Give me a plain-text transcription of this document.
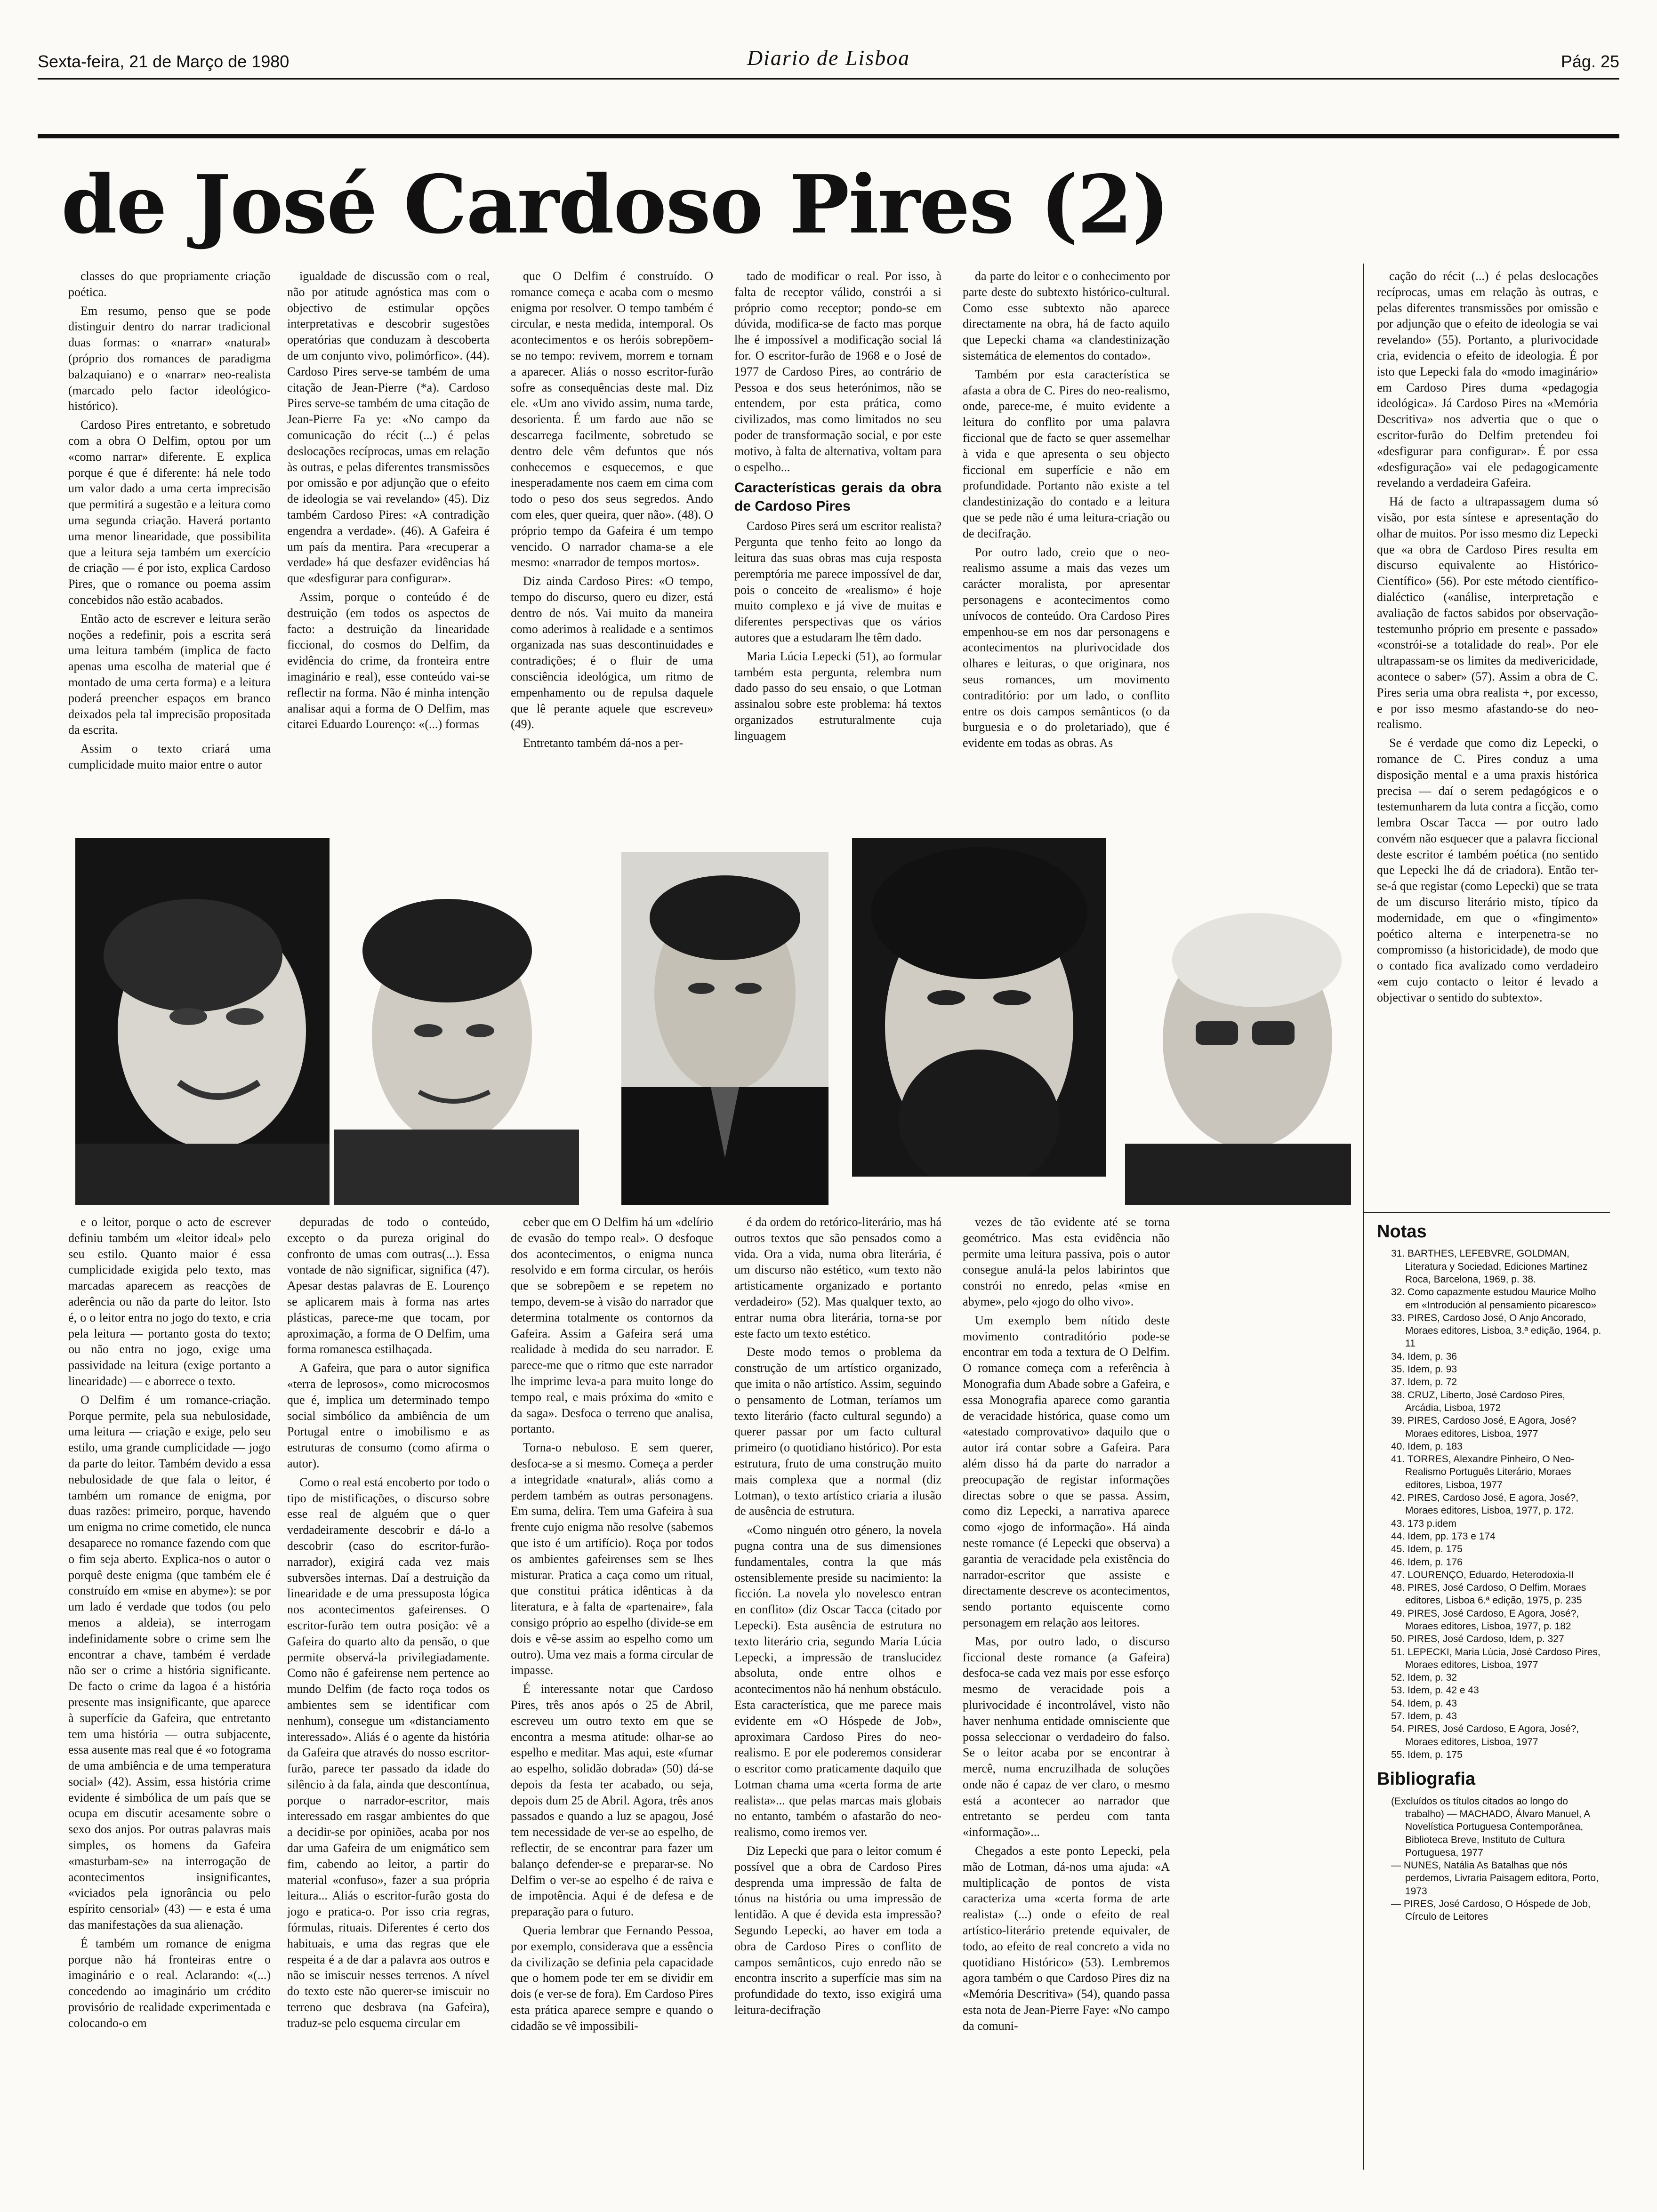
Sexta-feira, 21 de Março de 1980	Diario de Lisboa	Pág. 25
de José Cardoso Pires (2)

classes do que propriamente criação poética.

Em resumo, penso que se pode distinguir dentro do narrar tradicional duas formas: o «narrar» «natural» (próprio dos romances de paradigma balzaquiano) e o «narrar» neo-realista (marcado pelo factor ideológico-histórico).

Cardoso Pires entretanto, e sobretudo com a obra O Delfim, optou por um «como narrar» diferente. E explica porque é que é diferente: há nele todo um valor dado a uma certa imprecisão que permitirá a sugestão e a leitura como uma segunda criação. Haverá portanto uma menor linearidade, que possibilita que a leitura seja também um exercício de criação — é por isto, explica Cardoso Pires, que o romance ou poema assim concebidos não estão acabados.

Então acto de escrever e leitura serão noções a redefinir, pois a escrita será uma leitura também (implica de facto apenas uma escolha de material que é montado de uma certa forma) e a leitura poderá preencher espaços em branco deixados pela tal imprecisão propositada da escrita.

Assim o texto criará uma cumplicidade muito maior entre o autor

igualdade de discussão com o real, não por atitude agnóstica mas com o objectivo de estimular opções interpretativas e descobrir sugestões operatórias que conduzam à descoberta de um conjunto vivo, polimórfico». (44). Cardoso Pires serve-se também de uma citação de Jean-Pierre (*a). Cardoso Pires serve-se também de uma citação de Jean-Pierre Fa ye: «No campo da comunicação do récit (...) é pelas deslocações recíprocas, umas em relação às outras, e pelas diferentes transmissões por omissão e por adjunção que o efeito de ideologia se vai revelando» (45). Diz também Cardoso Pires: «A contradição engendra a verdade». (46). A Gafeira é um país da mentira. Para «recuperar a verdade» há que desfazer evidências há que «desfigurar para configurar».

Assim, porque o conteúdo é de destruição (em todos os aspectos de facto: a destruição da linearidade ficcional, do cosmos do Delfim, da evidência do crime, da fronteira entre imaginário e real), esse conteúdo vai-se reflectir na forma. Não é minha intenção analisar aqui a forma de O Delfim, mas citarei Eduardo Lourenço: «(...) formas

que O Delfim é construído. O romance começa e acaba com o mesmo enigma por resolver. O tempo também é circular, e nesta medida, intemporal. Os acontecimentos e os heróis sobrepõem-se no tempo: revivem, morrem e tornam a aparecer. Aliás o nosso escritor-furão sofre as consequências deste mal. Diz ele. «Um ano vivido assim, numa tarde, desorienta. É um fardo aue não se descarrega facilmente, sobretudo se dentro dele vêm defuntos que nós conhecemos e esquecemos, e que inesperadamente nos caem em cima com todo o peso dos seus segredos. Ando com eles, quer queira, quer não». (48). O próprio tempo da Gafeira é um tempo vencido. O narrador chama-se a ele mesmo: «narrador de tempos mortos».

Diz ainda Cardoso Pires: «O tempo, tempo do discurso, quero eu dizer, está dentro de nós. Vai muito da maneira como aderimos à realidade e a sentimos organizada nas suas descontinuidades e contradições; é o fluir de uma consciência ideológica, um ritmo de empenhamento ou de repulsa daquele que lê perante aquele que escreveu» (49).

Entretanto também dá-nos a per-

tado de modificar o real. Por isso, à falta de receptor válido, constrói a si próprio como receptor; pondo-se em dúvida, modifica-se de facto mas porque lhe é impossível a modificação social lá for. O escritor-furão de 1968 e o José de 1977 de Cardoso Pires, ao contrário de Pessoa e dos seus heterónimos, não se entendem, por esta prática, como civilizados, mas como limitados no seu poder de transformação social, e por este motivo, à falta de alternativa, voltam para o espelho...

Características gerais da obra de Cardoso Pires

Cardoso Pires será um escritor realista? Pergunta que tenho feito ao longo da leitura das suas obras mas cuja resposta peremptória me parece impossível de dar, pois o conceito de «realismo» é hoje muito complexo e já vive de muitas e diferentes perspectivas que os vários autores que a estudaram lhe têm dado.

Maria Lúcia Lepecki (51), ao formular também esta pergunta, relembra num dado passo do seu ensaio, o que Lotman assinalou sobre este problema: há textos organizados estruturalmente cuja linguagem

da parte do leitor e o conhecimento por parte deste do subtexto histórico-cultural. Como esse subtexto não aparece directamente na obra, há de facto aquilo que Lepecki chama «a clandestinização sistemática de elementos do contado».

Também por esta característica se afasta a obra de C. Pires do neo-realismo, onde, parece-me, é muito evidente a leitura do conflito por uma palavra ficcional que de facto se quer assemelhar à vida e que apresenta o seu objecto ficcional em superfície e não em profundidade. Portanto não existe a tel clandestinização do contado e a leitura que se pede não é uma leitura-criação ou de decifração.

Por outro lado, creio que o neo-realismo assume a mais das vezes um carácter moralista, por apresentar personagens e acontecimentos como unívocos de conteúdo. Ora Cardoso Pires empenhou-se em nos dar personagens e acontecimentos na plurivocidade dos olhares e leituras, o que originara, nos seus romances, um movimento contraditório: por um lado, o conflito entre os dois campos semânticos (o da burguesia e o do proletariado), que é evidente em todas as obras. As

cação do récit (...) é pelas deslocações recíprocas, umas em relação às outras, e pelas diferentes transmissões por omissão e por adjunção que o efeito de ideologia se vai revelando» (55). Portanto, a plurivocidade cria, evidencia o efeito de ideologia. É por isto que Lepecki fala do «modo imaginário» em Cardoso Pires duma «pedagogia ideológica». Já Cardoso Pires na «Memória Descritiva» nos advertia que o que o escritor-furão do Delfim pretendeu foi «desfigurar para configurar». É por essa «desfiguração» vai ele pedagogicamente revelando a verdadeira Gafeira.

Há de facto a ultrapassagem duma só visão, por esta síntese e apresentação do olhar de muitos. Por isso mesmo diz Lepecki que «a obra de Cardoso Pires resulta em discurso equivalente ao Histórico-Científico» (56). Por este método científico-dialéctico («análise, interpretação e avaliação de factos sabidos por observação-testemunho próprio em presente e passado» «constrói-se a totalidade do real». Por ele ultrapassam-se os limites da medivericidade, acontece o saber» (57). Assim a obra de C. Pires seria uma obra realista +, por excesso, e por isso mesmo afastando-se do neo-realismo.

Se é verdade que como diz Lepecki, o romance de C. Pires conduz a uma disposição mental e a uma praxis histórica precisa — daí o serem pedagógicos e o testemunharem da luta contra a ficção, como lembra Oscar Tacca — por outro lado convém não esquecer que a palavra ficcional deste escritor é também poética (no sentido que Lepecki lhe dá de criadora). Então ter-se-á que registar (como Lepecki) que se trata de um discurso literário misto, típico da modernidade, em que o «fingimento» poético alterna e interpenetra-se no compromisso (a historicidade), de modo que o contado fica avalizado como verdadeiro «em cujo contacto o leitor é levado a objectivar o sentido do subtexto».

e o leitor, porque o acto de escrever definiu também um «leitor ideal» pelo seu estilo. Quanto maior é essa cumplicidade exigida pelo texto, mas marcadas aparecem as reacções de aderência ou não da parte do leitor. Isto é, o o leitor entra no jogo do texto, e cria pela leitura — portanto gosta do texto; ou não entra no jogo, exige uma passividade na leitura (exige portanto a linearidade) — e aborrece o texto.

O Delfim é um romance-criação. Porque permite, pela sua nebulosidade, uma leitura — criação e exige, pelo seu estilo, uma grande cumplicidade — jogo da parte do leitor. Também devido a essa nebulosidade de que fala o leitor, é também um romance de enigma, por duas razões: primeiro, porque, havendo um enigma no crime cometido, ele nunca desaparece no romance fazendo com que o fim seja aberto. Explica-nos o autor o porquê deste enigma (que também ele é construído em «mise en abyme»): se por um lado é verdade que todos (ou pelo menos a aldeia), se interrogam indefinidamente sobre o crime sem lhe encontrar a chave, também é verdade não ser o crime a história significante. De facto o crime da lagoa é a história presente mas insignificante, que aparece à superfície da Gafeira, que entretanto tem uma história — outra subjacente, essa ausente mas real que é «o fotograma de uma ambiência e de uma temperatura social» (42). Assim, essa história crime evidente é simbólica de um país que se ocupa em discutir acesamente sobre o sexo dos anjos. Por outras palavras mais simples, os homens da Gafeira «masturbam-se» na interrogação de acontecimentos insignificantes, «viciados pela ignorância ou pelo espírito censorial» (43) — e esta é uma das manifestações da sua alienação.

É também um romance de enigma porque não há fronteiras entre o imaginário e o real. Aclarando: «(...) concedendo ao imaginário um crédito provisório de realidade experimentada e colocando-o em

depuradas de todo o conteúdo, excepto o da pureza original do confronto de umas com outras(...). Essa vontade de não significar, significa (47). Apesar destas palavras de E. Lourenço se aplicarem mais à forma nas artes plásticas, parece-me que tocam, por aproximação, a forma de O Delfim, uma forma romanesca estilhaçada.

A Gafeira, que para o autor significa «terra de leprosos», como microcosmos que é, implica um determinado tempo social simbólico da ambiência de um Portugal entre o imobilismo e as estruturas de consumo (como afirma o autor).

Como o real está encoberto por todo o tipo de mistificações, o discurso sobre esse real de alguém que o quer verdadeiramente descobrir e dá-lo a descobrir (caso do escritor-furão-narrador), exigirá cada vez mais subversões internas. Daí a destruição da linearidade e de uma pressuposta lógica nos acontecimentos gafeirenses. O escritor-furão tem outra posição: vê a Gafeira do quarto alto da pensão, o que permite observá-la privilegiadamente. Como não é gafeirense nem pertence ao mundo Delfim (de facto roça todos os ambientes sem se identificar com nenhum), consegue um «distanciamento interessado». Aliás é o agente da história da Gafeira que através do nosso escritor-furão, parece ter passado da idade do silêncio à da fala, ainda que descontínua, porque o narrador-escritor, mais interessado em rasgar ambientes do que a decidir-se por opiniões, acaba por nos dar uma Gafeira de um enigmático sem fim, cabendo ao leitor, a partir do material «confuso», fazer a sua própria leitura... Aliás o escritor-furão gosta do jogo e pratica-o. Por isso cria regras, fórmulas, rituais. Diferentes é certo dos habituais, e uma das regras que ele respeita é a de dar a palavra aos outros e não se imiscuir nesses terrenos. A nível do texto este não querer-se imiscuir no terreno que desbrava (na Gafeira), traduz-se pelo esquema circular em

ceber que em O Delfim há um «delírio de evasão do tempo real». O desfoque dos acontecimentos, o enigma nunca resolvido e em forma circular, os heróis que se sobrepõem e se repetem no tempo, devem-se à visão do narrador que determina totalmente os contornos da Gafeira. Assim a Gafeira será uma realidade à medida do seu narrador. E parece-me que o ritmo que este narrador lhe imprime leva-a para muito longe do tempo real, e mais próxima do «mito e da saga». Desfoca o terreno que analisa, portanto.

Torna-o nebuloso. E sem querer, desfoca-se a si mesmo. Começa a perder a integridade «natural», aliás como a perdem também as outras personagens. Em suma, delira. Tem uma Gafeira à sua frente cujo enigma não resolve (sabemos que isto é um artifício). Roça por todos os ambientes gafeirenses sem se lhes misturar. Pratica a caça como um ritual, que constitui prática idênticas à da literatura, e à falta de «partenaire», fala consigo próprio ao espelho (divide-se em dois e vê-se assim ao espelho como um outro). Uma vez mais a forma circular de impasse.

É interessante notar que Cardoso Pires, três anos após o 25 de Abril, escreveu um outro texto em que se encontra a mesma atitude: olhar-se ao espelho e meditar. Mas aqui, este «fumar ao espelho, solidão dobrada» (50) dá-se depois da festa ter acabado, ou seja, depois dum 25 de Abril. Agora, três anos passados e quando a luz se apagou, José tem necessidade de ver-se ao espelho, de reflectir, de se encontrar para fazer um balanço defender-se e preparar-se. No Delfim o ver-se ao espelho é de raiva e de impotência. Aqui é de defesa e de preparação para o futuro.

Queria lembrar que Fernando Pessoa, por exemplo, considerava que a essência da civilização se definia pela capacidade que o homem pode ter em se dividir em dois (e ver-se de fora). Em Cardoso Pires esta prática aparece sempre e quando o cidadão se vê impossibili-

é da ordem do retórico-literário, mas há outros textos que são pensados como a vida. Ora a vida, numa obra literária, é um discurso não estético, «um texto não artisticamente organizado e portanto verdadeiro» (52). Mas qualquer texto, ao entrar numa obra literária, torna-se por este facto um texto estético.

Deste modo temos o problema da construção de um artístico organizado, que imita o não artístico. Assim, seguindo o pensamento de Lotman, teríamos um texto literário (facto cultural segundo) a querer passar por um facto cultural primeiro (o quotidiano histórico). Por esta estrutura, fruto de uma construção muito mais complexa que a normal (diz Lotman), o texto artístico criaria a ilusão de ausência de estrutura.

«Como ninguén otro género, la novela pugna contra una de sus dimensiones fundamentales, contra la que más ostensiblemente preside su nacimiento: la ficción. La novela ylo novelesco entran en conflito» (diz Oscar Tacca (citado por Lepecki). Esta ausência de estrutura no texto literário cria, segundo Maria Lúcia Lepecki, a impressão de translucidez absoluta, onde entre olhos e acontecimentos não há nenhum obstáculo. Esta característica, que me parece mais evidente em «O Hóspede de Job», aproximara Cardoso Pires do neo-realismo. E por ele poderemos considerar o escritor como praticamente daquilo que Lotman chama uma «certa forma de arte realista»... que pelas marcas mais globais no entanto, também o afastarão do neo-realismo, como iremos ver.

Diz Lepecki que para o leitor comum é possível que a obra de Cardoso Pires desprenda uma impressão de falta de tónus na história ou uma impressão de lentidão. A que é devida esta impressão? Segundo Lepecki, ao haver em toda a obra de Cardoso Pires o conflito de campos semânticos, cujo enredo não se encontra inscrito a superfície mas sim na profundidade do texto, isso exigirá uma leitura-decifração

vezes de tão evidente até se torna geométrico. Mas esta evidência não permite uma leitura passiva, pois o autor consegue anulá-la pelos labirintos que constrói no enredo, pelas «mise en abyme», pelo «jogo do olho vivo».

Um exemplo bem nítido deste movimento contraditório pode-se encontrar em toda a textura de O Delfim. O romance começa com a referência à Monografia dum Abade sobre a Gafeira, e essa Monografia aparece como garantia de veracidade histórica, quase como um «atestado comprovativo» daquilo que o autor irá contar sobre a Gafeira. Para além disso há da parte do narrador a preocupação de registar informações directas sobre o que se passa. Assim, como diz Lepecki, a narrativa aparece como «jogo de informação». Há ainda neste romance (é Lepecki que observa) a garantia de veracidade pela existência do narrador-escritor que assiste e directamente descreve os acontecimentos, sendo portanto equiscente como personagem em relação aos leitores.

Mas, por outro lado, o discurso ficcional deste romance (a Gafeira) desfoca-se cada vez mais por esse esforço mesmo de veracidade pois a plurivocidade é incontrolável, visto não haver nenhuma entidade omnisciente que possa seleccionar o verdadeiro do falso. Se o leitor acaba por se encontrar à mercê, numa encruzilhada de soluções onde não é capaz de ver claro, o mesmo está a acontecer ao narrador que entretanto se perdeu com tanta «informação»...

Chegados a este ponto Lepecki, pela mão de Lotman, dá-nos uma ajuda: «A multiplicação de pontos de vista caracteriza uma «certa forma de arte realista» (...) onde o efeito de real artístico-literário pretende equivaler, de todo, ao efeito de real concreto a vida no quotidiano Histórico» (53). Lembremos agora também o que Cardoso Pires diz na «Memória Descritiva» (54), quando passa esta nota de Jean-Pierre Faye: «No campo da comuni-

Notas
31. BARTHES, LEFEBVRE, GOLDMAN, Literatura y Sociedad, Ediciones Martinez Roca, Barcelona, 1969, p. 38.
32. Como capazmente estudou Maurice Molho em «Introdución al pensamiento picaresco»
33. PIRES, Cardoso José, O Anjo Ancorado, Moraes editores, Lisboa, 3.ª edição, 1964, p. 11
34. Idem, p. 36
35. Idem, p. 93
37. Idem, p. 72
38. CRUZ, Liberto, José Cardoso Pires, Arcádia, Lisboa, 1972
39. PIRES, Cardoso José, E Agora, José? Moraes editores, Lisboa, 1977
40. Idem, p. 183
41. TORRES, Alexandre Pinheiro, O Neo-Realismo Português Literário, Moraes editores, Lisboa, 1977
42. PIRES, Cardoso José, E agora, José?, Moraes editores, Lisboa, 1977, p. 172.
43. 173 p.idem
44. Idem, pp. 173 e 174
45. Idem, p. 175
46. Idem, p. 176
47. LOURENÇO, Eduardo, Heterodoxia-II
48. PIRES, José Cardoso, O Delfim, Moraes editores, Lisboa 6.ª edição, 1975, p. 235
49. PIRES, José Cardoso, E Agora, José?, Moraes editores, Lisboa, 1977, p. 182
50. PIRES, José Cardoso, Idem, p. 327
51. LEPECKI, Maria Lúcia, José Cardoso Pires, Moraes editores, Lisboa, 1977
52. Idem, p. 32
53. Idem, p. 42 e 43
54. Idem, p. 43
57. Idem, p. 43
54. PIRES, José Cardoso, E Agora, José?, Moraes editores, Lisboa, 1977
55. Idem, p. 175
Bibliografia
(Excluídos os títulos citados ao longo do trabalho) — MACHADO, Álvaro Manuel, A Novelística Portuguesa Contemporânea, Biblioteca Breve, Instituto de Cultura Portuguesa, 1977
— NUNES, Natália As Batalhas que nós perdemos, Livraria Paisagem editora, Porto, 1973
— PIRES, José Cardoso, O Hóspede de Job, Círculo de Leitores
